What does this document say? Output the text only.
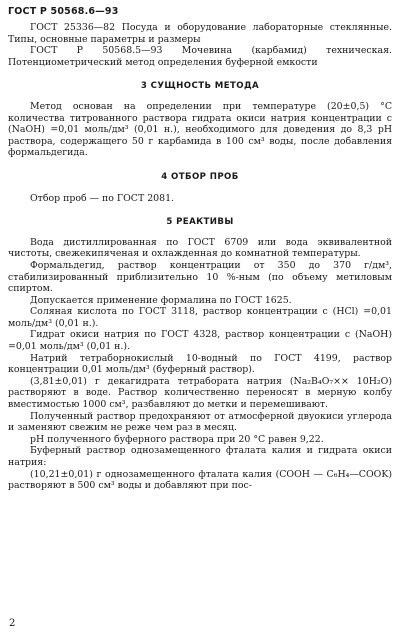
ГОСТ Р 50568.6—93

ГОСТ 25336—82 Посуда и оборудование лабораторные стеклянные. Типы, основные параметры и размеры

ГОСТ Р 50568.5—93 Мочевина (карбамид) техническая. Потенциометрический метод определения буферной емкости

3 СУЩНОСТЬ МЕТОДА

Метод основан на определении при температуре (20±0,5) °С количества титрованного раствора гидрата окиси натрия концентрации c (NaOH) =0,01 моль/дм³ (0,01 н.), необходимого для доведения до 8,3 pH раствора, содержащего 50 г карбамида в 100 см³ воды, после добавления формальдегида.

4 ОТБОР ПРОБ

Отбор проб — по ГОСТ 2081.

5 РЕАКТИВЫ

Вода дистиллированная по ГОСТ 6709 или вода эквивалентной чистоты, свежекипяченая и охлажденная до комнатной температуры.

Формальдегид, раствор концентрации от 350 до 370 г/дм³, стабилизированный приблизительно 10 %-ным (по объему метиловым спиртом.

Допускается применение формалина по ГОСТ 1625.

Соляная кислота по ГОСТ 3118, раствор концентрации c (HCl) =0,01 моль/дм³ (0,01 н.).

Гидрат окиси натрия по ГОСТ 4328, раствор концентрации c (NaOH) =0,01 моль/дм³ (0,01 н.).

Натрий тетраборнокислый 10-водный по ГОСТ 4199, раствор концентрации 0,01 моль/дм³ (буферный раствор).

(3,81±0,01) г декагидрата тетрабората натрия (Na₂B₄O₇×× 10H₂O) растворяют в воде. Раствор количественно переносят в мерную колбу вместимостью 1000 см³, разбавляют до метки и перемешивают.

Полученный раствор предохраняют от атмосферной двуокиси углерода и заменяют свежим не реже чем раз в месяц.

pH полученного буферного раствора при 20 °С равен 9,22.

Буферный раствор однозамещенного фталата калия и гидрата окиси натрия:

(10,21±0,01) г однозамещенного фталата калия (COOH — C₆H₄—COOK) растворяют в 500 см³ воды и добавляют при пос-

2
